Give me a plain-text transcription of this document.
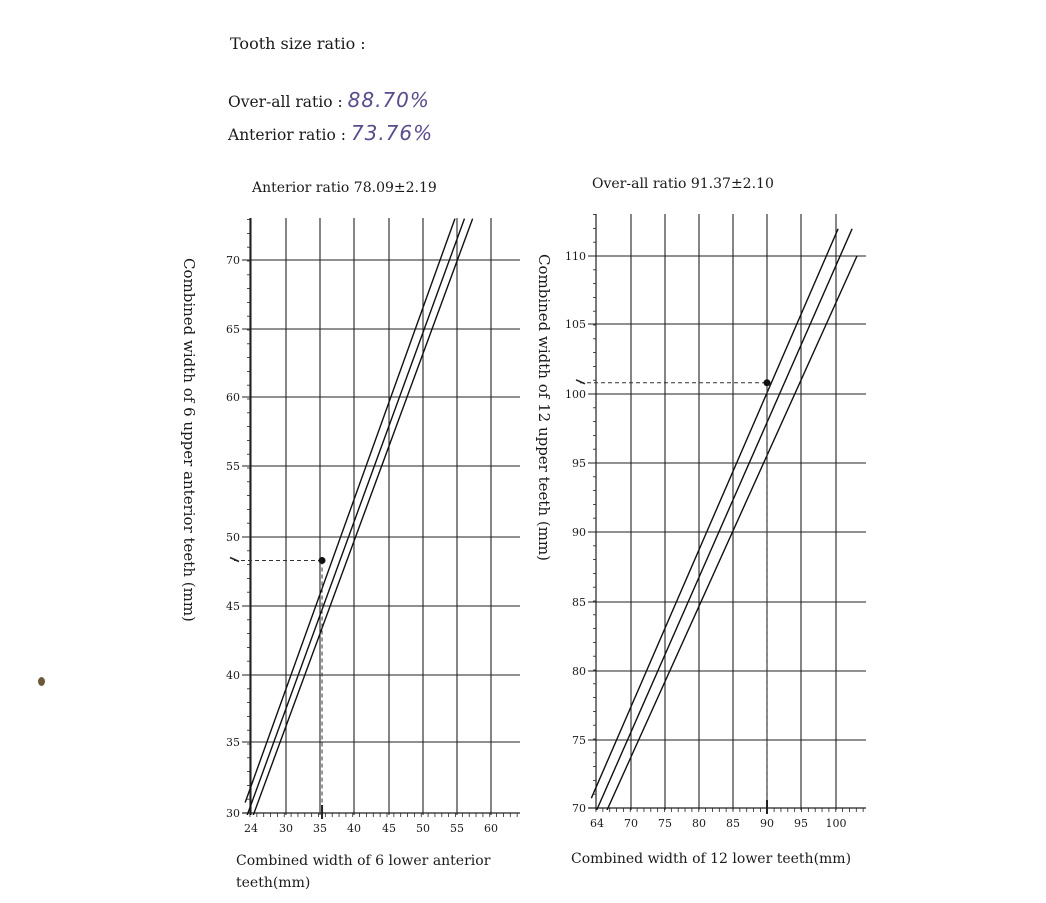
Tooth size ratio :
Over-all ratio : 88.70%
Anterior ratio : 73.76%
Anterior ratio 78.09±2.19	Over-all ratio 91.37±2.10
Combined width of 6 upper anterior teeth (mm)	Combined width of 12 upper teeth (mm)
Combined width of 6 lower anterior
teeth(mm)
Combined width of 12 lower teeth(mm)
30
35
40
45
50
55
60
65
70
24 30 35 40 45 50 55 60
70
75
80
85
90
95
100
105
110
64 70 75 80 85 90 95 100
